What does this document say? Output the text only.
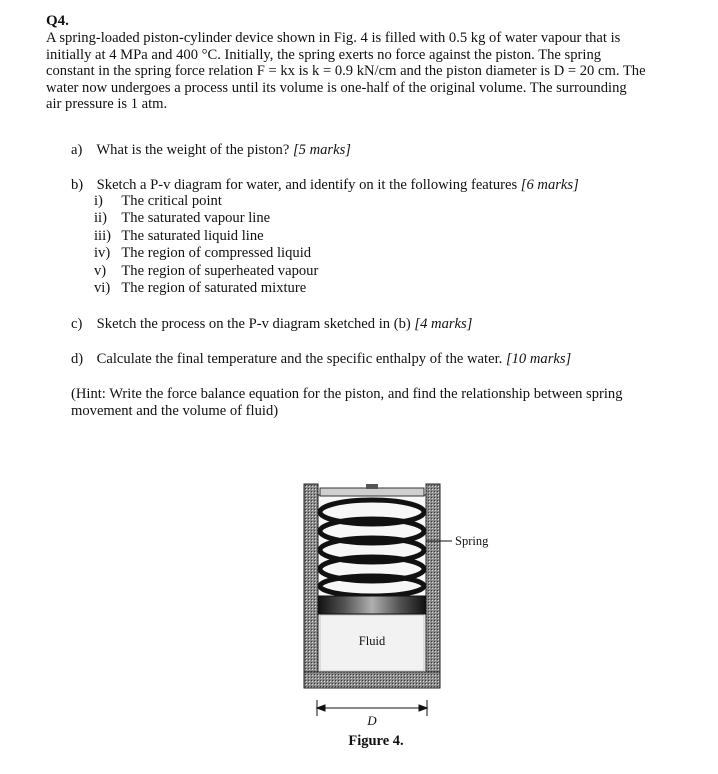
Q4.
A spring-loaded piston-cylinder device shown in Fig. 4 is filled with 0.5 kg of water vapour that is
initially at 4 MPa and 400 °C. Initially, the spring exerts no force against the piston. The spring
constant in the spring force relation F = kx is k = 0.9 kN/cm and the piston diameter is D = 20 cm. The
water now undergoes a process until its volume is one-half of the original volume. The surrounding
air pressure is 1 atm.
a) What is the weight of the piston? [5 marks]
b) Sketch a P-v diagram for water, and identify on it the following features [6 marks]
i) The critical point
ii) The saturated vapour line
iii) The saturated liquid line
iv) The region of compressed liquid
v) The region of superheated vapour
vi) The region of saturated mixture
c) Sketch the process on the P-v diagram sketched in (b) [4 marks]
d) Calculate the final temperature and the specific enthalpy of the water. [10 marks]
(Hint: Write the force balance equation for the piston, and find the relationship between spring
movement and the volume of fluid)
Fluid
Spring
D
Figure 4.
